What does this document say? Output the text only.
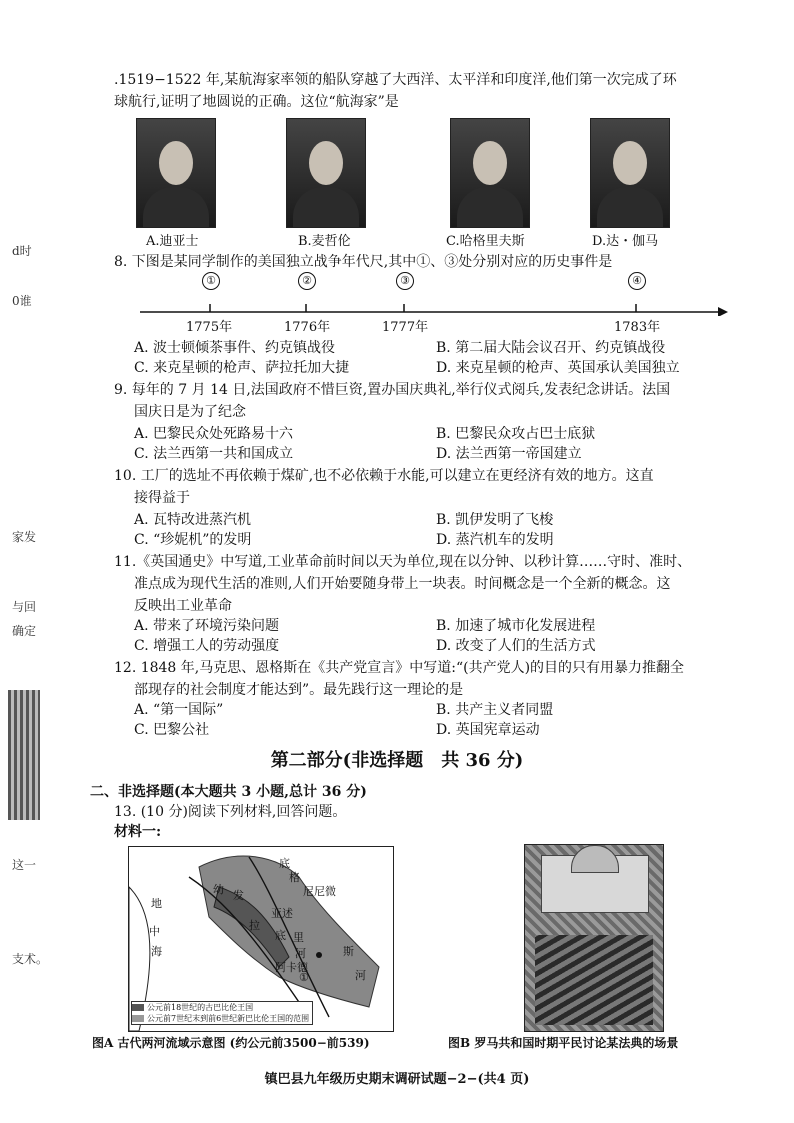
d时
0谁
家发
与回
确定
这一
支术。
.1519−1522 年,某航海家率领的船队穿越了大西洋、太平洋和印度洋,他们第一次完成了环
球航行,证明了地圆说的正确。这位“航海家”是
A.迪亚士	B.麦哲伦	C.哈格里夫斯	D.达・伽马
8. 下图是某同学制作的美国独立战争年代尺,其中①、③处分别对应的历史事件是
①	②	③	④
1775年	1776年	1777年	1783年
A. 波士顿倾茶事件、约克镇战役	B. 第二届大陆会议召开、约克镇战役
C. 来克星顿的枪声、萨拉托加大捷	D. 来克星顿的枪声、英国承认美国独立
9. 每年的 7 月 14 日,法国政府不惜巨资,置办国庆典礼,举行仪式阅兵,发表纪念讲话。法国
国庆日是为了纪念
A. 巴黎民众处死路易十六	B. 巴黎民众攻占巴士底狱
C. 法兰西第一共和国成立	D. 法兰西第一帝国建立
10. 工厂的选址不再依赖于煤矿,也不必依赖于水能,可以建立在更经济有效的地方。这直
接得益于
A. 瓦特改进蒸汽机	B. 凯伊发明了飞梭
C. “珍妮机”的发明	D. 蒸汽机车的发明
11.《英国通史》中写道,工业革命前时间以天为单位,现在以分钟、以秒计算……守时、准时、
准点成为现代生活的准则,人们开始要随身带上一块表。时间概念是一个全新的概念。这
反映出工业革命
A. 带来了环境污染问题	B. 加速了城市化发展进程
C. 增强工人的劳动强度	D. 改变了人们的生活方式
12. 1848 年,马克思、恩格斯在《共产党宣言》中写道:“(共产党人)的目的只有用暴力推翻全
部现存的社会制度才能达到”。最先践行这一理论的是
A. “第一国际”	B. 共产主义者同盟
C. 巴黎公社	D. 英国宪章运动
第二部分(非选择题　共 36 分)
二、非选择题(本大题共 3 小题,总计 36 分)
13. (10 分)阅读下列材料,回答问题。
材料一:
底
格
尼尼微
幼 发
亚述
拉
底 里
河	斯
阿卡德
①	河
地
中
海
公元前18世纪的古巴比伦王国
公元前7世纪末到前6世纪新巴比伦王国的范围
图A 古代两河流域示意图 (约公元前3500−前539)	图B 罗马共和国时期平民讨论某法典的场景
镇巴县九年级历史期末调研试题−2−(共4 页)
